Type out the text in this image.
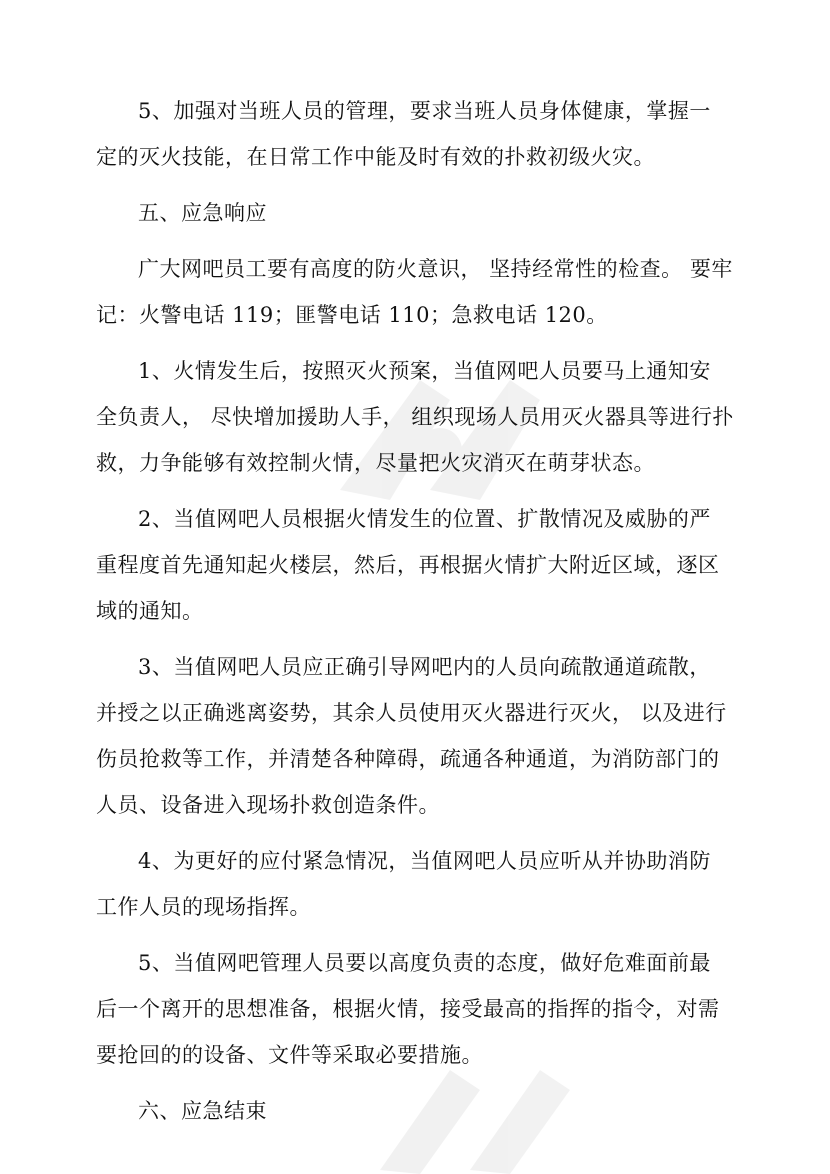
5、加强对当班人员的管理，要求当班人员身体健康，掌握一
定的灭火技能，在日常工作中能及时有效的扑救初级火灾。

五、应急响应

广大网吧员工要有高度的防火意识， 坚持经常性的检查。 要牢
记：火警电话 119；匪警电话 110；急救电话 120。

1、火情发生后，按照灭火预案，当值网吧人员要马上通知安
全负责人， 尽快增加援助人手， 组织现场人员用灭火器具等进行扑
救，力争能够有效控制火情，尽量把火灾消灭在萌芽状态。

2、当值网吧人员根据火情发生的位置、扩散情况及威胁的严
重程度首先通知起火楼层，然后，再根据火情扩大附近区域，逐区
域的通知。

3、当值网吧人员应正确引导网吧内的人员向疏散通道疏散，
并授之以正确逃离姿势，其余人员使用灭火器进行灭火， 以及进行
伤员抢救等工作，并清楚各种障碍，疏通各种通道，为消防部门的
人员、设备进入现场扑救创造条件。

4、为更好的应付紧急情况，当值网吧人员应听从并协助消防
工作人员的现场指挥。

5、当值网吧管理人员要以高度负责的态度，做好危难面前最
后一个离开的思想准备，根据火情，接受最高的指挥的指令，对需
要抢回的的设备、文件等采取必要措施。

六、应急结束
